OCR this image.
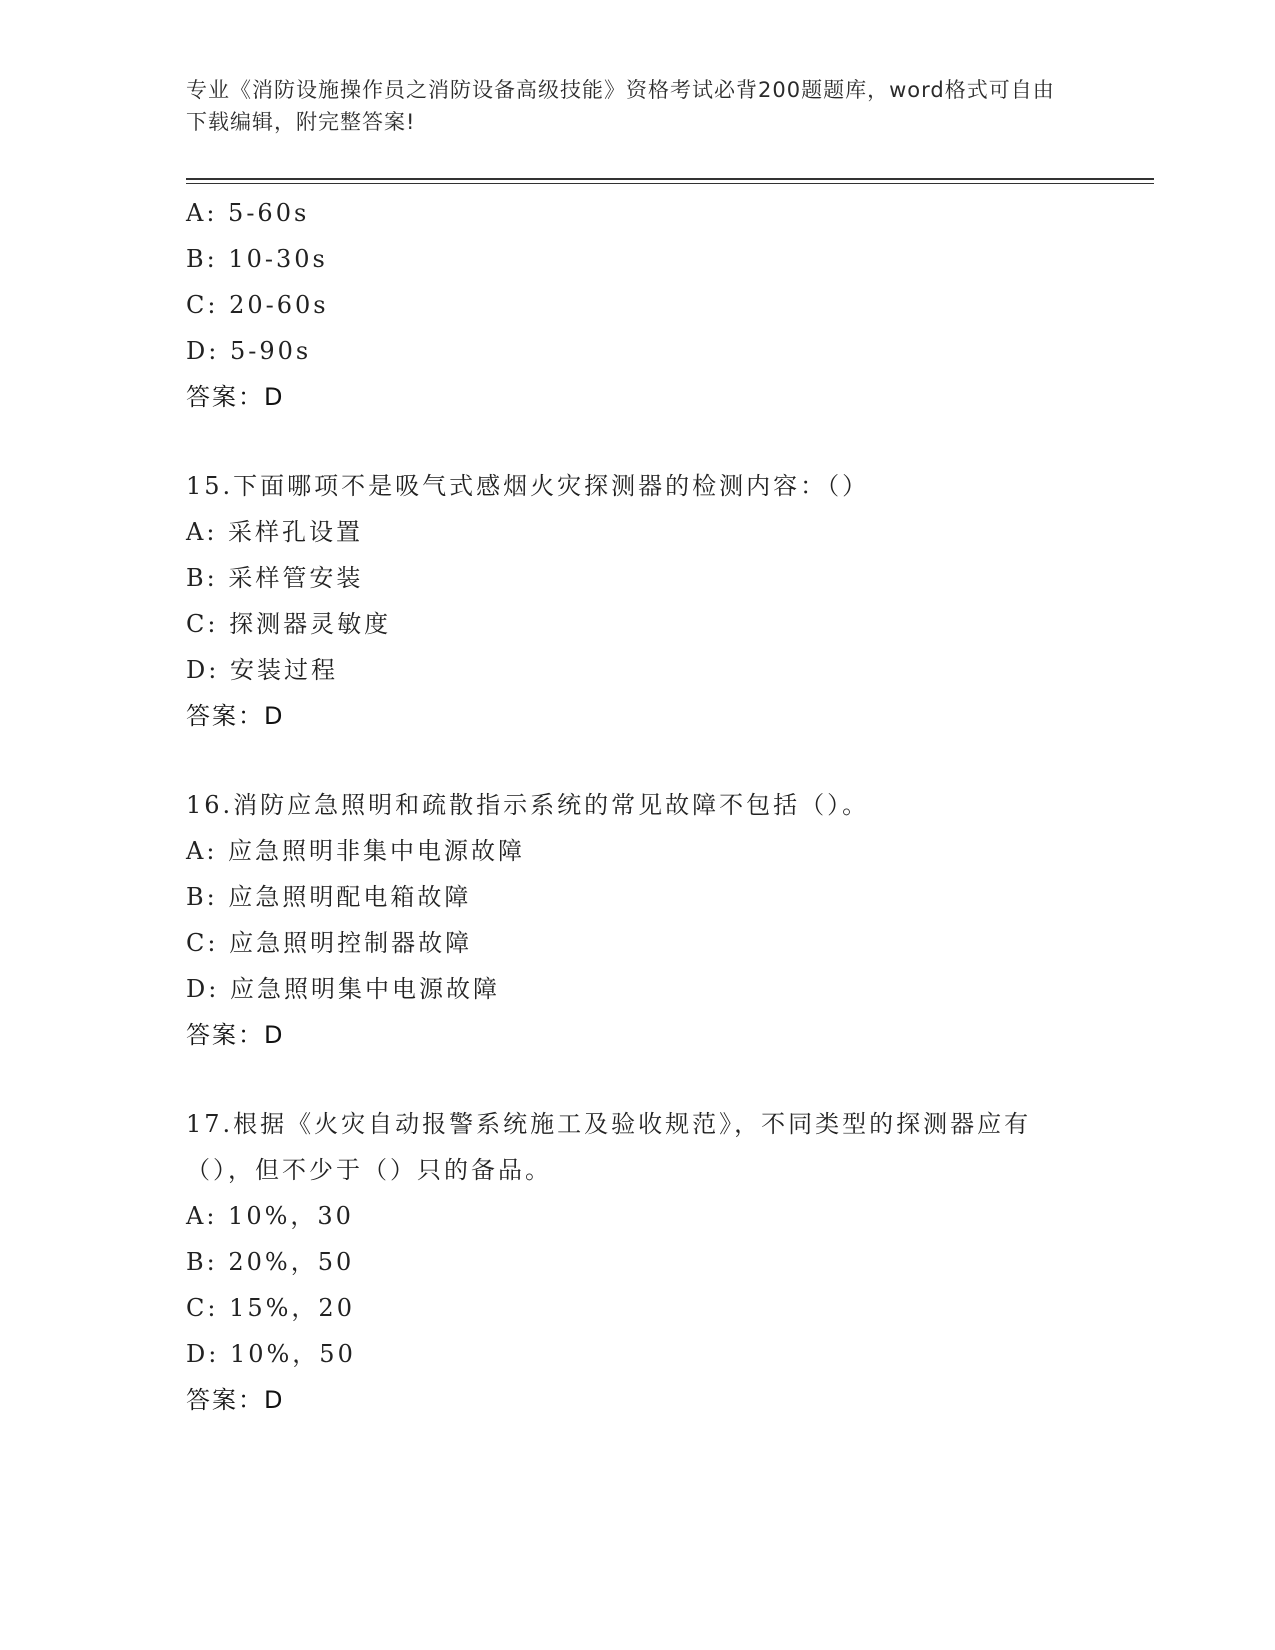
专业《消防设施操作员之消防设备高级技能》资格考试必背200题题库，word格式可自由下载编辑，附完整答案!
A: 5-60s
B: 10-30s
C: 20-60s
D: 5-90s
答案：D
15.下面哪项不是吸气式感烟火灾探测器的检测内容：（）
A: 采样孔设置
B: 采样管安装
C: 探测器灵敏度
D: 安装过程
答案：D
16.消防应急照明和疏散指示系统的常见故障不包括（）。
A: 应急照明非集中电源故障
B: 应急照明配电箱故障
C: 应急照明控制器故障
D: 应急照明集中电源故障
答案：D
17.根据《火灾自动报警系统施工及验收规范》，不同类型的探测器应有（），但不少于（）只的备品。
A: 10%，30
B: 20%，50
C: 15%，20
D: 10%，50
答案：D
